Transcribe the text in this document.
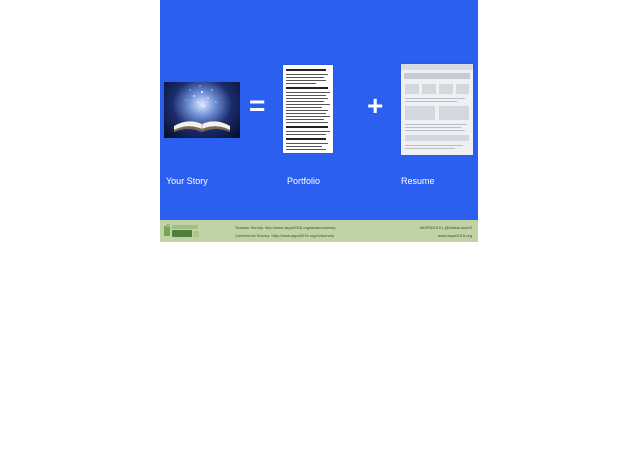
=	+
Your Story	Portfolio	Resume
Session Survey: http://www.aspa2016.org/sessionsurvey
Conference Survey: http://www.aspa2016.org/cnfsurvey
#ASPA2016 | @MariaLaceoS
www.aspa2016.org
